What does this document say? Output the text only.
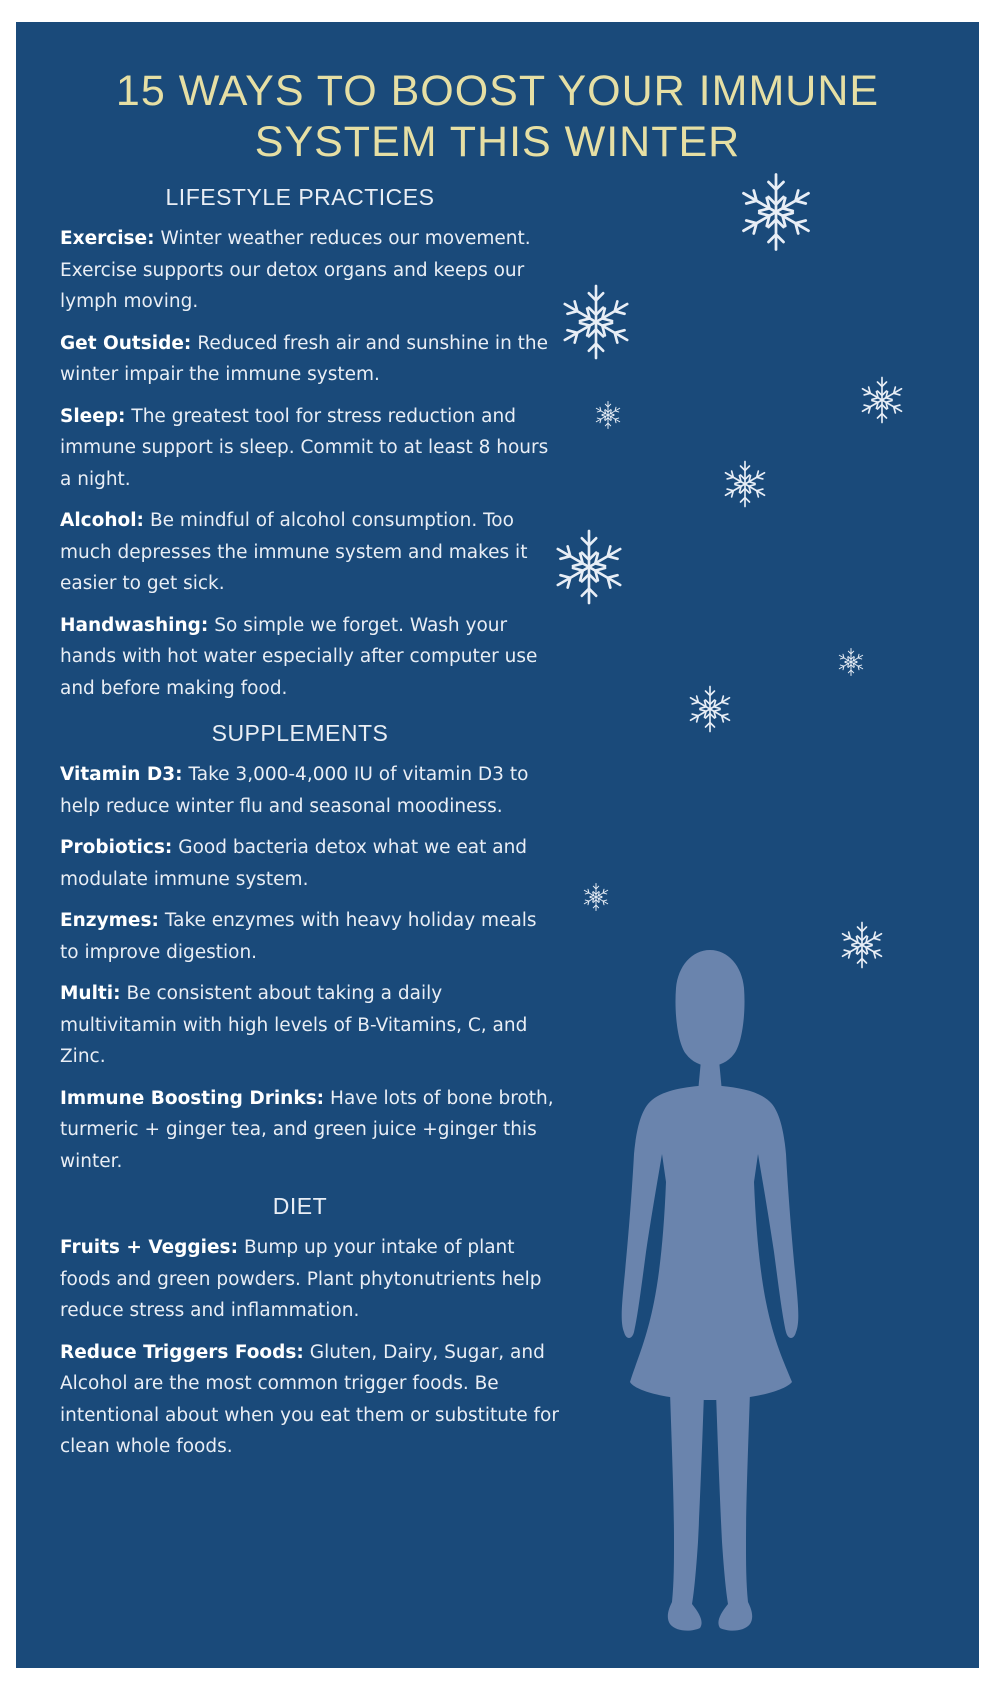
15 WAYS TO BOOST YOUR IMMUNE
SYSTEM THIS WINTER
LIFESTYLE PRACTICES

Exercise: Winter weather reduces our movement. Exercise supports our detox organs and keeps our lymph moving.

Get Outside: Reduced fresh air and sunshine in the winter impair the immune system.

Sleep: The greatest tool for stress reduction and immune support is sleep. Commit to at least 8 hours a night.

Alcohol: Be mindful of alcohol consumption. Too much depresses the immune system and makes it easier to get sick.

Handwashing: So simple we forget. Wash your hands with hot water especially after computer use and before making food.

SUPPLEMENTS

Vitamin D3: Take 3,000-4,000 IU of vitamin D3 to help reduce winter flu and seasonal moodiness.

Probiotics: Good bacteria detox what we eat and modulate immune system.

Enzymes: Take enzymes with heavy holiday meals to improve digestion.

Multi: Be consistent about taking a daily multivitamin with high levels of B-Vitamins, C, and Zinc.

Immune Boosting Drinks: Have lots of bone broth, turmeric + ginger tea, and green juice +ginger this winter.

DIET

Fruits + Veggies: Bump up your intake of plant foods and green powders. Plant phytonutrients help reduce stress and inflammation.

Reduce Triggers Foods: Gluten, Dairy, Sugar, and Alcohol are the most common trigger foods. Be intentional about when you eat them or substitute for clean whole foods.
